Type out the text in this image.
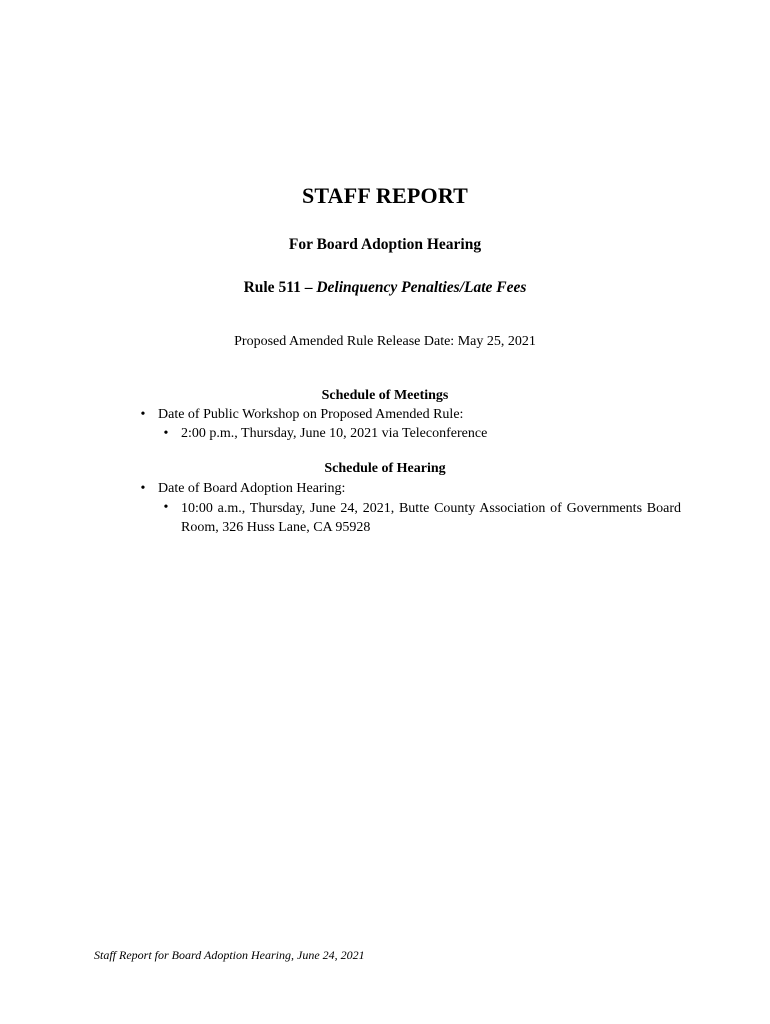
STAFF REPORT
For Board Adoption Hearing
Rule 511 – Delinquency Penalties/Late Fees
Proposed Amended Rule Release Date: May 25, 2021
Schedule of Meetings
• Date of Public Workshop on Proposed Amended Rule:
• 2:00 p.m., Thursday, June 10, 2021 via Teleconference
Schedule of Hearing
• Date of Board Adoption Hearing:
• 10:00 a.m., Thursday, June 24, 2021, Butte County Association of Governments Board Room, 326 Huss Lane, CA 95928
Staff Report for Board Adoption Hearing, June 24, 2021
